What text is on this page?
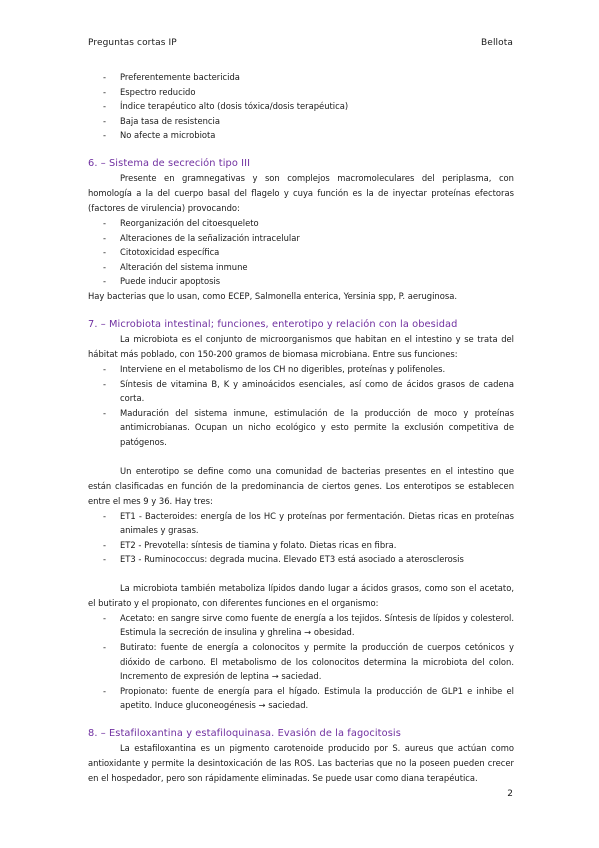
Preguntas cortas IP	Bellota
- Preferentemente bactericida
- Espectro reducido
- Índice terapéutico alto (dosis tóxica/dosis terapéutica)
- Baja tasa de resistencia
- No afecte a microbiota

6. – Sistema de secreción tipo III

Presente en gramnegativas y son complejos macromoleculares del periplasma, con homología a la del cuerpo basal del flagelo y cuya función es la de inyectar proteínas efectoras (factores de virulencia) provocando:

- Reorganización del citoesqueleto
- Alteraciones de la señalización intracelular
- Citotoxicidad específica
- Alteración del sistema inmune
- Puede inducir apoptosis

Hay bacterias que lo usan, como ECEP, Salmonella enterica, Yersinia spp, P. aeruginosa.

7. – Microbiota intestinal; funciones, enterotipo y relación con la obesidad

La microbiota es el conjunto de microorganismos que habitan en el intestino y se trata del hábitat más poblado, con 150-200 gramos de biomasa microbiana. Entre sus funciones:

- Interviene en el metabolismo de los CH no digeribles, proteínas y polifenoles.
- Síntesis de vitamina B, K y aminoácidos esenciales, así como de ácidos grasos de cadena corta.
- Maduración del sistema inmune, estimulación de la producción de moco y proteínas antimicrobianas. Ocupan un nicho ecológico y esto permite la exclusión competitiva de patógenos.

Un enterotipo se define como una comunidad de bacterias presentes en el intestino que están clasificadas en función de la predominancia de ciertos genes. Los enterotipos se establecen entre el mes 9 y 36. Hay tres:

- ET1 - Bacteroides: energía de los HC y proteínas por fermentación. Dietas ricas en proteínas animales y grasas.
- ET2 - Prevotella: síntesis de tiamina y folato. Dietas ricas en fibra.
- ET3 - Ruminococcus: degrada mucina. Elevado ET3 está asociado a aterosclerosis

La microbiota también metaboliza lípidos dando lugar a ácidos grasos, como son el acetato, el butirato y el propionato, con diferentes funciones en el organismo:

- Acetato: en sangre sirve como fuente de energía a los tejidos. Síntesis de lípidos y colesterol. Estimula la secreción de insulina y ghrelina → obesidad.
- Butirato: fuente de energía a colonocitos y permite la producción de cuerpos cetónicos y dióxido de carbono. El metabolismo de los colonocitos determina la microbiota del colon. Incremento de expresión de leptina → saciedad.
- Propionato: fuente de energía para el hígado. Estimula la producción de GLP1 e inhibe el apetito. Induce gluconeogénesis → saciedad.

8. – Estafiloxantina y estafiloquinasa. Evasión de la fagocitosis

La estafiloxantina es un pigmento carotenoide producido por S. aureus que actúan como antioxidante y permite la desintoxicación de las ROS. Las bacterias que no la poseen pueden crecer en el hospedador, pero son rápidamente eliminadas. Se puede usar como diana terapéutica.

2
